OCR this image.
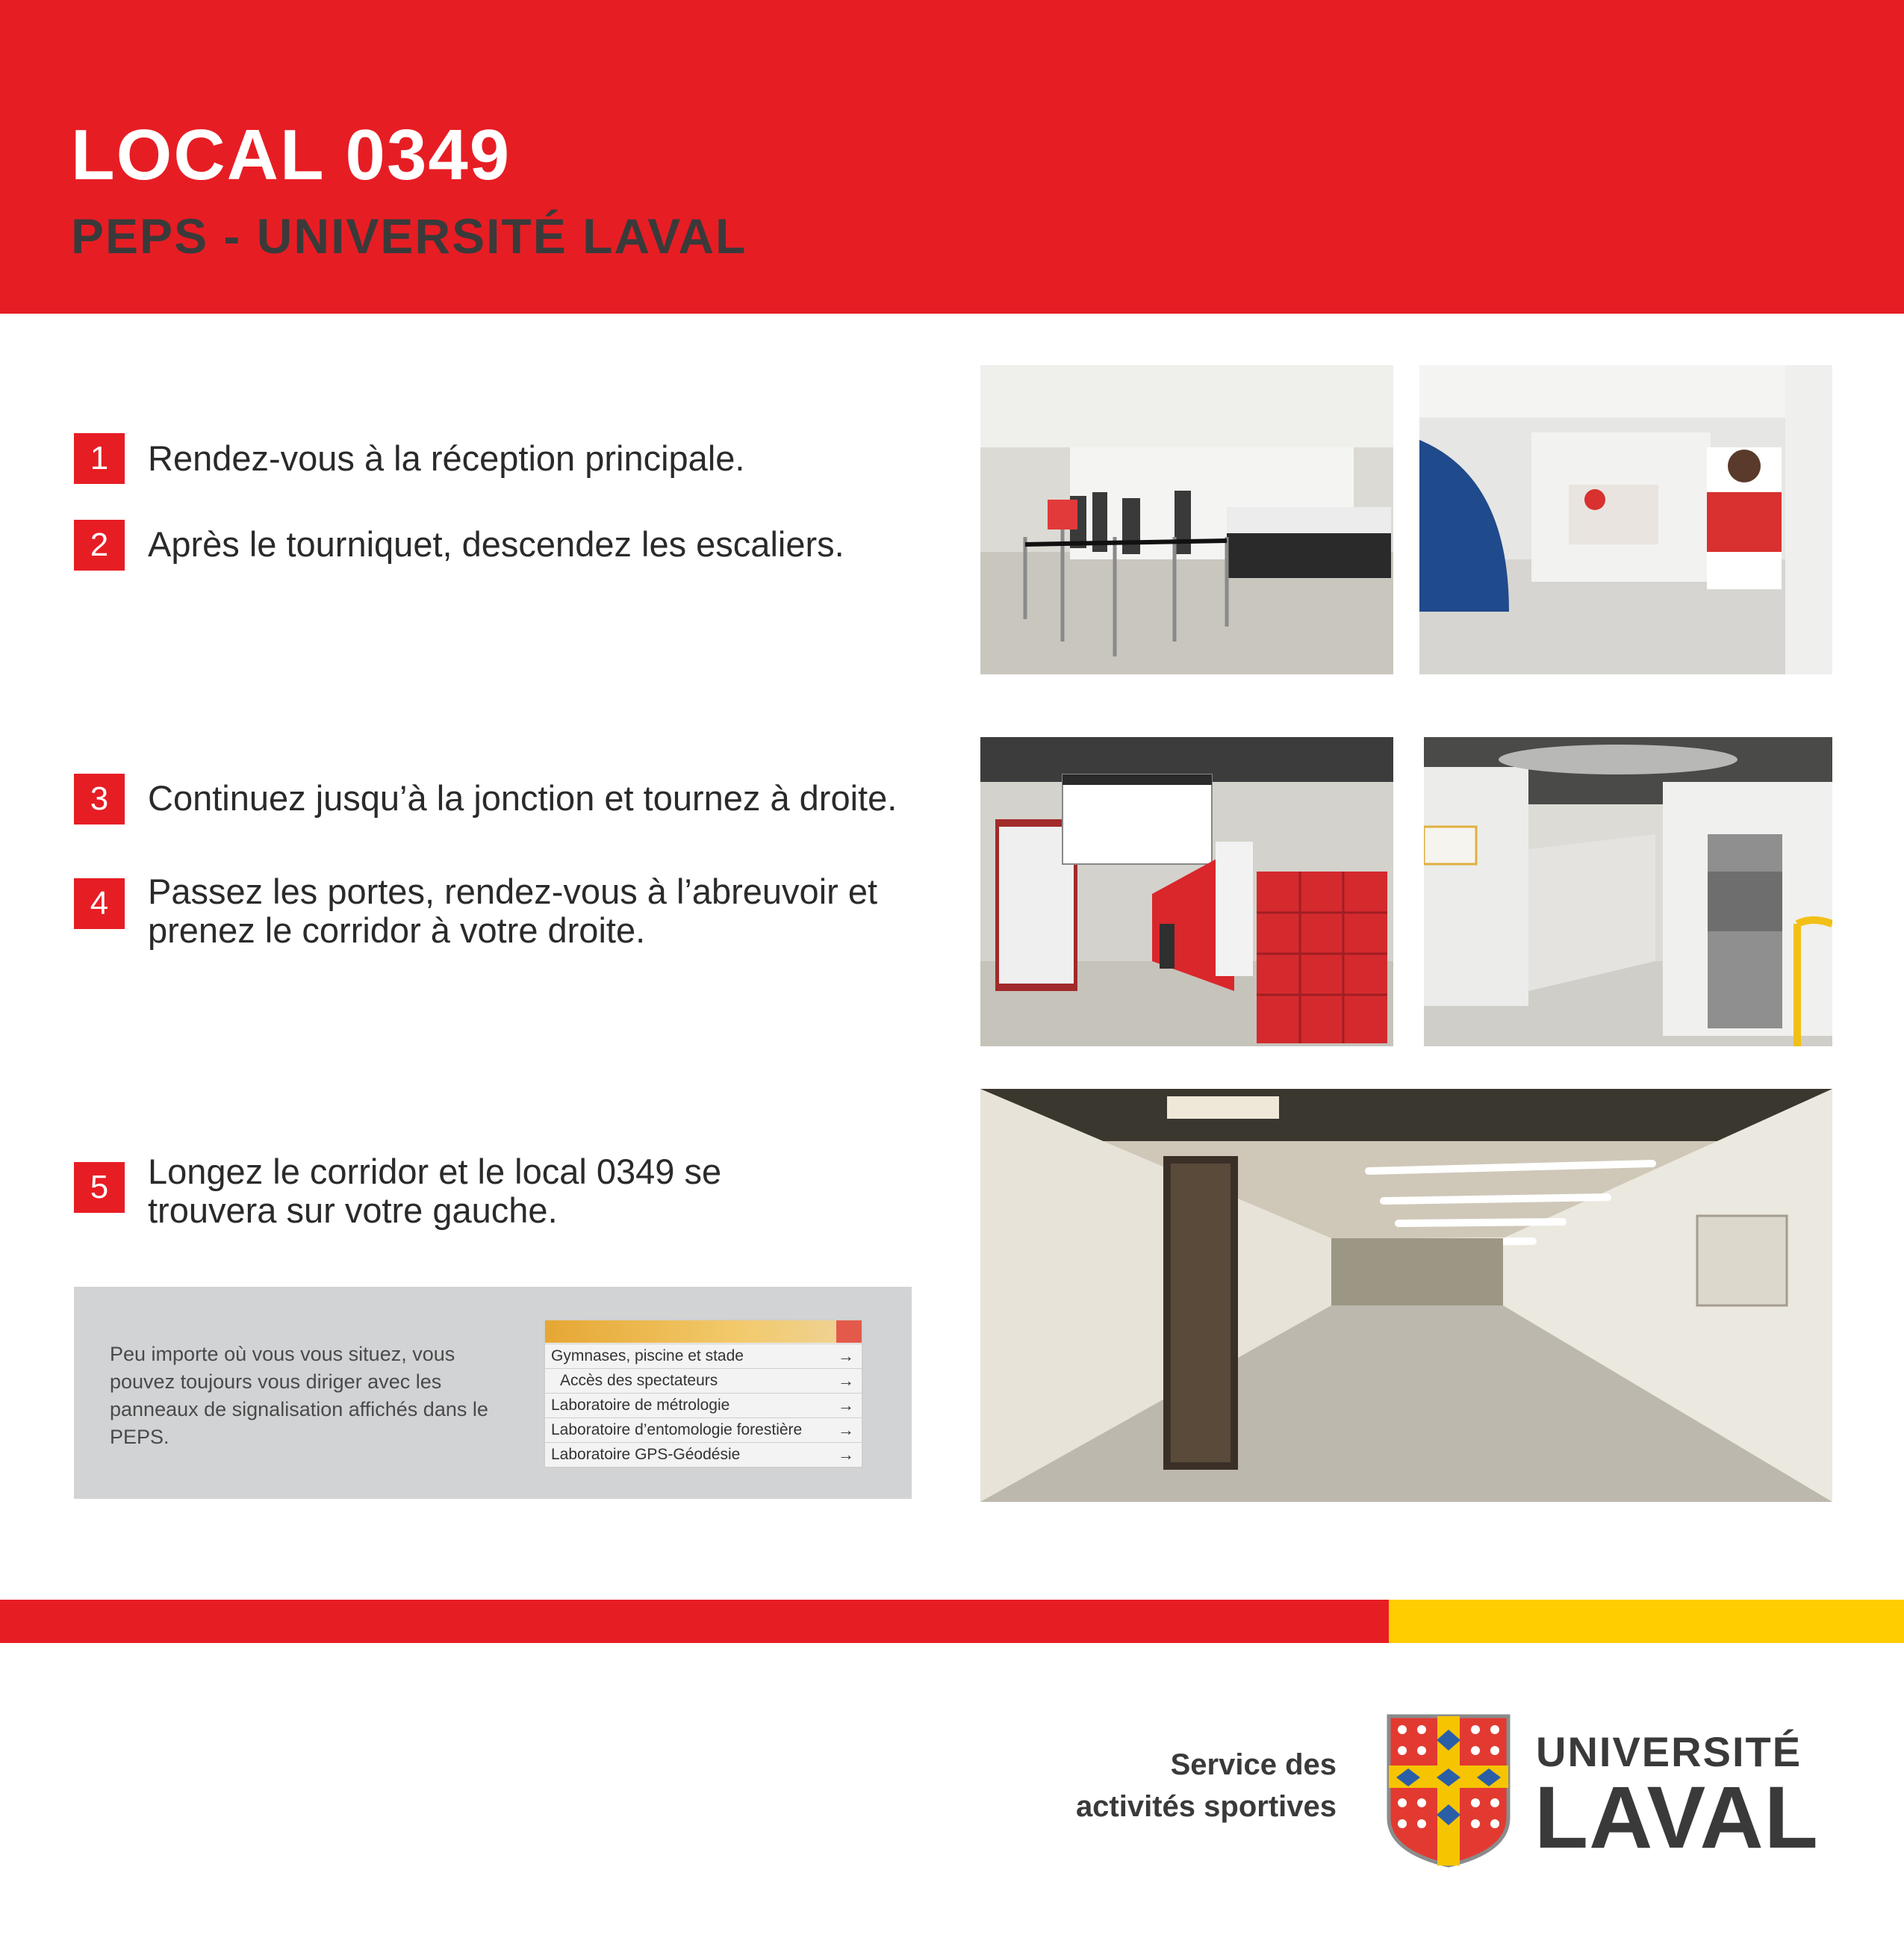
LOCAL 0349
PEPS - UNIVERSITÉ LAVAL
1	Rendez-vous à la réception principale.
2	Après le tourniquet, descendez les escaliers.
3	Continuez jusqu’à la jonction et tournez à droite.
4	Passez les portes, rendez-vous à l’abreuvoir et prenez le corridor à votre droite.
5	Longez le corridor et le local 0349 se trouvera sur votre gauche.
Peu importe où vous vous situez, vous pouvez toujours vous diriger avec les panneaux de signalisation affichés dans le PEPS.
Gymnases, piscine et stade	→
Accès des spectateurs	→
Laboratoire de métrologie	→
Laboratoire d’entomologie forestière →
Laboratoire GPS-Géodésie	→
Service des
activités sportives
UNIVERSITÉ
LAVAL
